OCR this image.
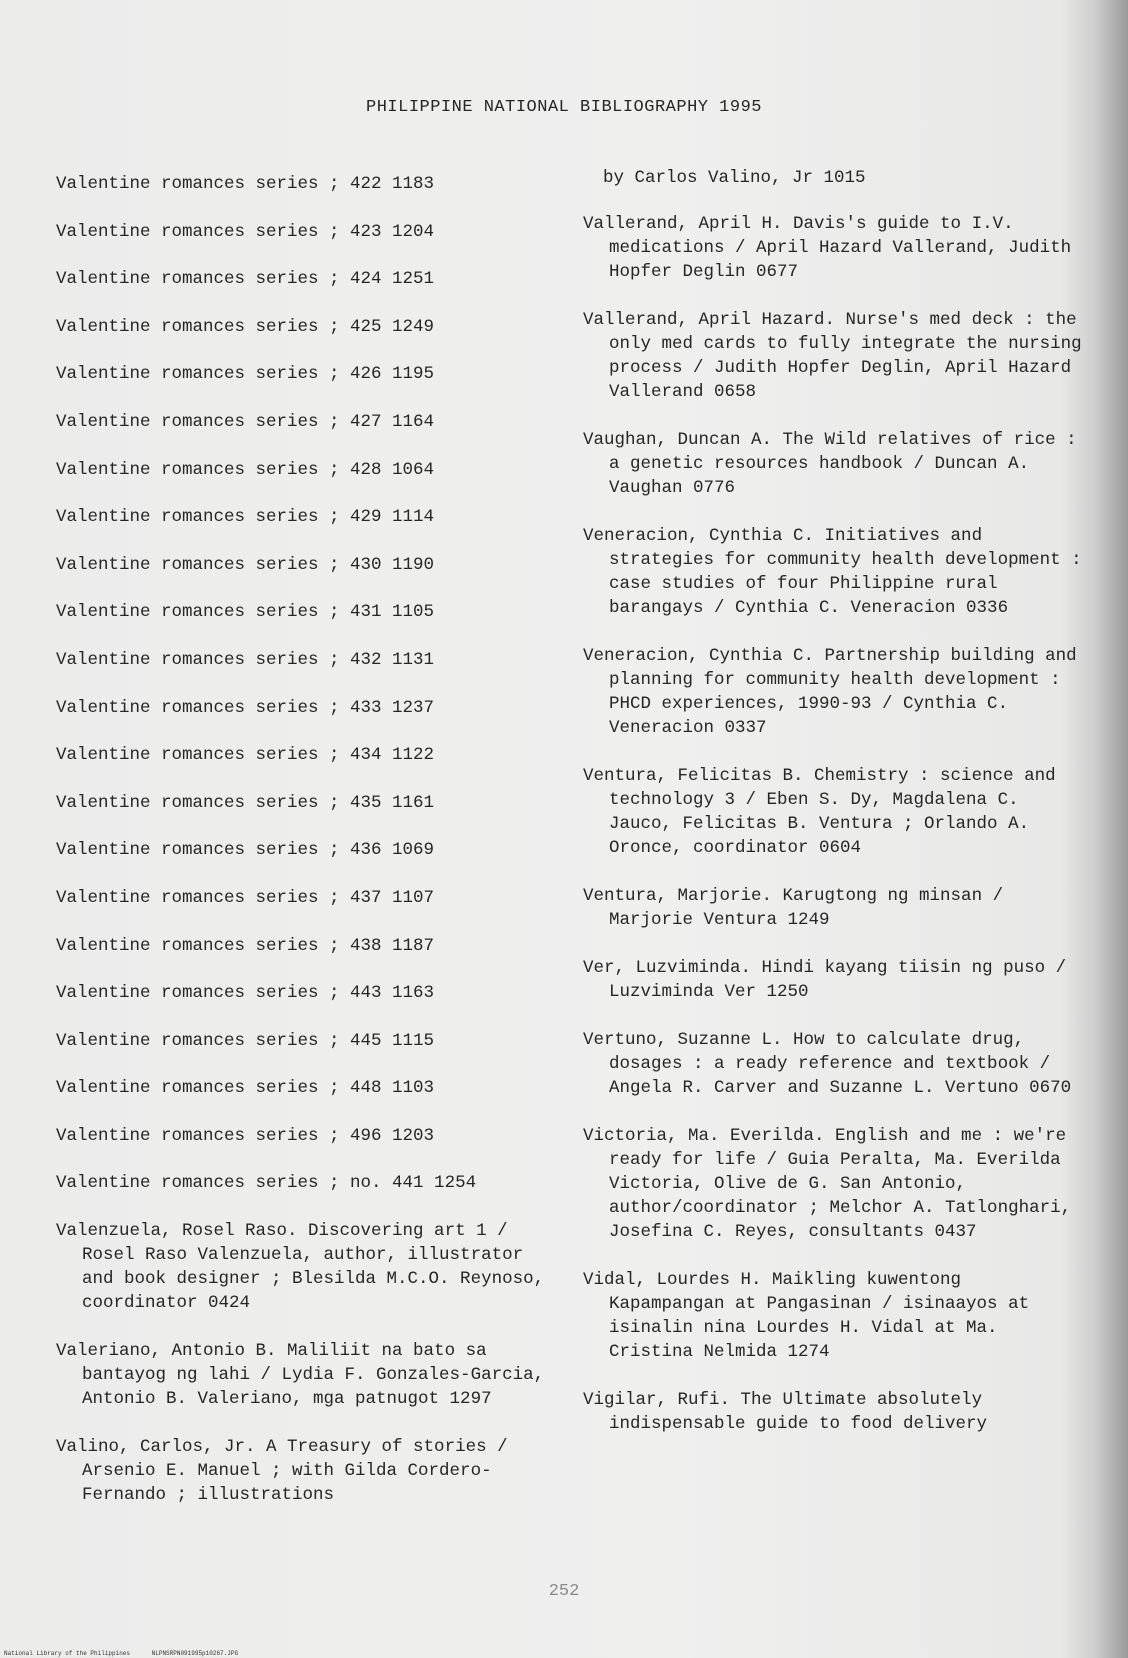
PHILIPPINE NATIONAL BIBLIOGRAPHY 1995

Valentine romances series ; 422 1183

Valentine romances series ; 423 1204

Valentine romances series ; 424 1251

Valentine romances series ; 425 1249

Valentine romances series ; 426 1195

Valentine romances series ; 427 1164

Valentine romances series ; 428 1064

Valentine romances series ; 429 1114

Valentine romances series ; 430 1190

Valentine romances series ; 431 1105

Valentine romances series ; 432 1131

Valentine romances series ; 433 1237

Valentine romances series ; 434 1122

Valentine romances series ; 435 1161

Valentine romances series ; 436 1069

Valentine romances series ; 437 1107

Valentine romances series ; 438 1187

Valentine romances series ; 443 1163

Valentine romances series ; 445 1115

Valentine romances series ; 448 1103

Valentine romances series ; 496 1203

Valentine romances series ; no. 441 1254

Valenzuela, Rosel Raso. Discovering art 1 / Rosel Raso Valenzuela, author, illustrator and book designer ; Blesilda M.C.O. Reynoso, coordinator 0424

Valeriano, Antonio B. Maliliit na bato sa bantayog ng lahi / Lydia F. Gonzales-Garcia, Antonio B. Valeriano, mga patnugot 1297

Valino, Carlos, Jr. A Treasury of stories / Arsenio E. Manuel ; with Gilda Cordero-Fernando ; illustrations

by Carlos Valino, Jr 1015

Vallerand, April H. Davis's guide to I.V. medications / April Hazard Vallerand, Judith Hopfer Deglin 0677

Vallerand, April Hazard. Nurse's med deck : the only med cards to fully integrate the nursing process / Judith Hopfer Deglin, April Hazard Vallerand 0658

Vaughan, Duncan A. The Wild relatives of rice : a genetic resources handbook / Duncan A. Vaughan 0776

Veneracion, Cynthia C. Initiatives and strategies for community health development : case studies of four Philippine rural barangays / Cynthia C. Veneracion 0336

Veneracion, Cynthia C. Partnership building and planning for community health development : PHCD experiences, 1990-93 / Cynthia C. Veneracion 0337

Ventura, Felicitas B. Chemistry : science and technology 3 / Eben S. Dy, Magdalena C. Jauco, Felicitas B. Ventura ; Orlando A. Oronce, coordinator 0604

Ventura, Marjorie. Karugtong ng minsan / Marjorie Ventura 1249

Ver, Luzviminda. Hindi kayang tiisin ng puso / Luzviminda Ver 1250

Vertuno, Suzanne L. How to calculate drug, dosages : a ready reference and textbook / Angela R. Carver and Suzanne L. Vertuno 0670

Victoria, Ma. Everilda. English and me : we're ready for life / Guia Peralta, Ma. Everilda Victoria, Olive de G. San Antonio, author/coordinator ; Melchor A. Tatlonghari, Josefina C. Reyes, consultants 0437

Vidal, Lourdes H. Maikling kuwentong Kapampangan at Pangasinan / isinaayos at isinalin nina Lourdes H. Vidal at Ma. Cristina Nelmida 1274

Vigilar, Rufi. The Ultimate absolutely indispensable guide to food delivery

252
National Library of the Philippines	NLPNSRPN091995p10267.JPG
